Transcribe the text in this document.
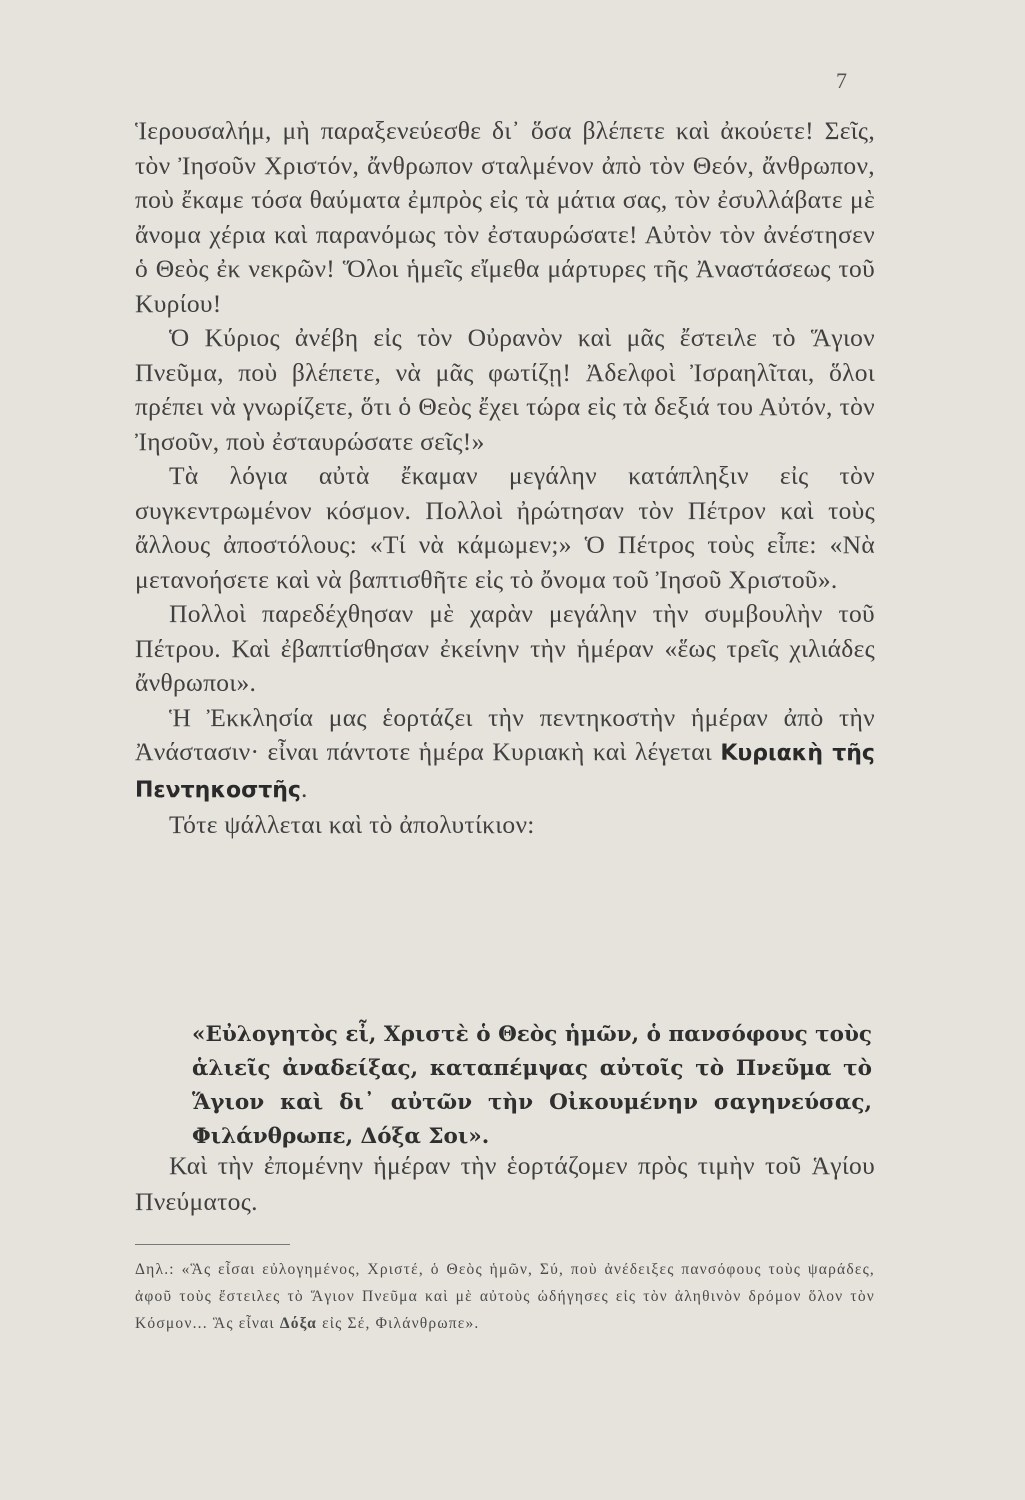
7

Ἱερουσαλήμ, μὴ παραξενεύεσθε δι᾽ ὅσα βλέπετε καὶ ἀκούετε! Σεῖς, τὸν Ἰησοῦν Χριστόν, ἄνθρωπον σταλμένον ἀπὸ τὸν Θεόν, ἄνθρωπον, ποὺ ἔκαμε τόσα θαύματα ἐμπρὸς εἰς τὰ μάτια σας, τὸν ἐσυλλάβατε μὲ ἄνομα χέρια καὶ παρανόμως τὸν ἐσταυρώσατε! Αὐτὸν τὸν ἀνέστησεν ὁ Θεὸς ἐκ νεκρῶν! Ὅλοι ἡμεῖς εἴμεθα μάρτυρες τῆς Ἀναστάσεως τοῦ Κυρίου!

Ὁ Κύριος ἀνέβη εἰς τὸν Οὐρανὸν καὶ μᾶς ἔστειλε τὸ Ἅγιον Πνεῦμα, ποὺ βλέπετε, νὰ μᾶς φωτίζῃ! Ἀδελφοὶ Ἰσραηλῖται, ὅλοι πρέπει νὰ γνωρίζετε, ὅτι ὁ Θεὸς ἔχει τώρα εἰς τὰ δεξιά του Αὐτόν, τὸν Ἰησοῦν, ποὺ ἐσταυρώσατε σεῖς!»

Τὰ λόγια αὐτὰ ἔκαμαν μεγάλην κατάπληξιν εἰς τὸν συγκεντρωμένον κόσμον. Πολλοὶ ἠρώτησαν τὸν Πέτρον καὶ τοὺς ἄλλους ἀποστόλους: «Τί νὰ κάμωμεν;» Ὁ Πέτρος τοὺς εἶπε: «Νὰ μετανοήσετε καὶ νὰ βαπτισθῆτε εἰς τὸ ὄνομα τοῦ Ἰησοῦ Χριστοῦ».

Πολλοὶ παρεδέχθησαν μὲ χαρὰν μεγάλην τὴν συμβουλὴν τοῦ Πέτρου. Καὶ ἐβαπτίσθησαν ἐκείνην τὴν ἡμέραν «ἕως τρεῖς χιλιάδες ἄνθρωποι».

Ἡ Ἐκκλησία μας ἑορτάζει τὴν πεντηκοστὴν ἡμέραν ἀπὸ τὴν Ἀνάστασιν· εἶναι πάντοτε ἡμέρα Κυριακὴ καὶ λέγεται Κυριακὴ τῆς Πεντηκοστῆς.

Τότε ψάλλεται καὶ τὸ ἀπολυτίκιον:

«Εὐλογητὸς εἶ, Χριστὲ ὁ Θεὸς ἡμῶν, ὁ πανσόφους τοὺς ἁλιεῖς ἀναδείξας, καταπέμψας αὐτοῖς τὸ Πνεῦμα τὸ Ἅγιον καὶ δι᾽ αὐτῶν τὴν Οἰκουμένην σαγηνεύσας, Φιλάνθρωπε, Δόξα Σοι».

Καὶ τὴν ἐπομένην ἡμέραν τὴν ἑορτάζομεν πρὸς τιμὴν τοῦ Ἁγίου Πνεύματος.

Δηλ.: «Ἃς εἶσαι εὐλογημένος, Χριστέ, ὁ Θεὸς ἡμῶν, Σύ, ποὺ ἀνέδειξες πανσόφους τοὺς ψαράδες, ἀφοῦ τοὺς ἔστειλες τὸ Ἅγιον Πνεῦμα καὶ μὲ αὐτοὺς ὡδήγησες εἰς τὸν ἀληθινὸν δρόμον ὅλον τὸν Κόσμον... Ἃς εἶναι Δόξα εἰς Σέ, Φιλάνθρωπε».
